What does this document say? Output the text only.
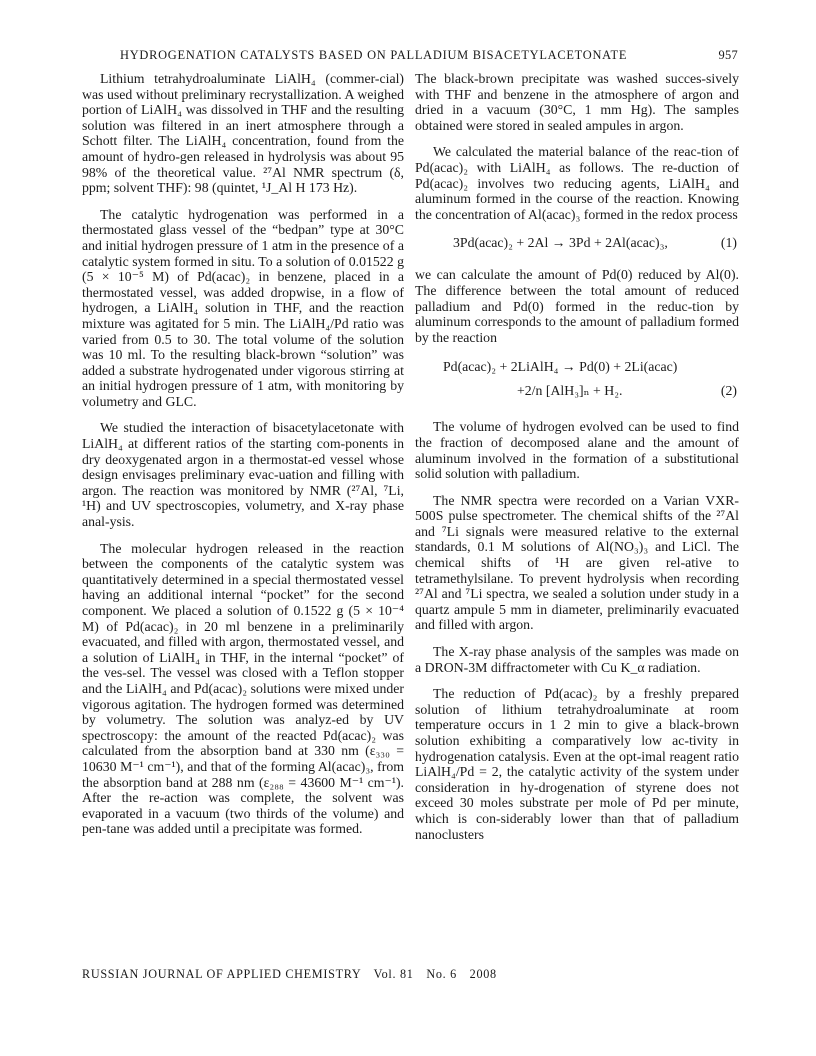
HYDROGENATION CATALYSTS BASED ON PALLADIUM BISACETYLACETONATE	957

Lithium tetrahydroaluminate LiAlH₄ (commer-cial) was used without preliminary recrystallization. A weighed portion of LiAlH₄ was dissolved in THF and the resulting solution was filtered in an inert atmosphere through a Schott filter. The LiAlH₄ concentration, found from the amount of hydro-gen released in hydrolysis was about 95 98% of the theoretical value. ²⁷Al NMR spectrum (δ, ppm; solvent THF): 98 (quintet, ¹J_Al H 173 Hz).

The catalytic hydrogenation was performed in a thermostated glass vessel of the “bedpan” type at 30°C and initial hydrogen pressure of 1 atm in the presence of a catalytic system formed in situ. To a solution of 0.01522 g (5 × 10⁻⁵ M) of Pd(acac)₂ in benzene, placed in a thermostated vessel, was added dropwise, in a flow of hydrogen, a LiAlH₄ solution in THF, and the reaction mixture was agitated for 5 min. The LiAlH₄/Pd ratio was varied from 0.5 to 30. The total volume of the solution was 10 ml. To the resulting black-brown “solution” was added a substrate hydrogenated under vigorous stirring at an initial hydrogen pressure of 1 atm, with monitoring by volumetry and GLC.

We studied the interaction of bisacetylacetonate with LiAlH₄ at different ratios of the starting com-ponents in dry deoxygenated argon in a thermostat-ed vessel whose design envisages preliminary evac-uation and filling with argon. The reaction was monitored by NMR (²⁷Al, ⁷Li, ¹H) and UV spectroscopies, volumetry, and X-ray phase anal-ysis.

The molecular hydrogen released in the reaction between the components of the catalytic system was quantitatively determined in a special thermostated vessel having an additional internal “pocket” for the second component. We placed a solution of 0.1522 g (5 × 10⁻⁴ M) of Pd(acac)₂ in 20 ml benzene in a preliminarily evacuated, and filled with argon, thermostated vessel, and a solution of LiAlH₄ in THF, in the internal “pocket” of the ves-sel. The vessel was closed with a Teflon stopper and the LiAlH₄ and Pd(acac)₂ solutions were mixed under vigorous agitation. The hydrogen formed was determined by volumetry. The solution was analyz-ed by UV spectroscopy: the amount of the reacted Pd(acac)₂ was calculated from the absorption band at 330 nm (ε₃₃₀ = 10630 M⁻¹ cm⁻¹), and that of the forming Al(acac)₃, from the absorption band at 288 nm (ε₂₈₈ = 43600 M⁻¹ cm⁻¹). After the re-action was complete, the solvent was evaporated in a vacuum (two thirds of the volume) and pen-tane was added until a precipitate was formed.

The black-brown precipitate was washed succes-sively with THF and benzene in the atmosphere of argon and dried in a vacuum (30°C, 1 mm Hg). The samples obtained were stored in sealed ampules in argon.

We calculated the material balance of the reac-tion of Pd(acac)₂ with LiAlH₄ as follows. The re-duction of Pd(acac)₂ involves two reducing agents, LiAlH₄ and aluminum formed in the course of the reaction. Knowing the concentration of Al(acac)₃ formed in the redox process

3Pd(acac)₂ + 2Al → 3Pd + 2Al(acac)₃,	(1)

we can calculate the amount of Pd(0) reduced by Al(0). The difference between the total amount of reduced palladium and Pd(0) formed in the reduc-tion by aluminum corresponds to the amount of palladium formed by the reaction

Pd(acac)₂ + 2LiAlH₄ → Pd(0) + 2Li(acac)
+2/n [AlH₃]ₙ + H₂.	(2)

The volume of hydrogen evolved can be used to find the fraction of decomposed alane and the amount of aluminum involved in the formation of a substitutional solid solution with palladium.

The NMR spectra were recorded on a Varian VXR-500S pulse spectrometer. The chemical shifts of the ²⁷Al and ⁷Li signals were measured relative to the external standards, 0.1 M solutions of Al(NO₃)₃ and LiCl. The chemical shifts of ¹H are given rel-ative to tetramethylsilane. To prevent hydrolysis when recording ²⁷Al and ⁷Li spectra, we sealed a solution under study in a quartz ampule 5 mm in diameter, preliminarily evacuated and filled with argon.

The X-ray phase analysis of the samples was made on a DRON-3M diffractometer with Cu K_α radiation.

The reduction of Pd(acac)₂ by a freshly prepared solution of lithium tetrahydroaluminate at room temperature occurs in 1 2 min to give a black-brown solution exhibiting a comparatively low ac-tivity in hydrogenation catalysis. Even at the opt-imal reagent ratio LiAlH₄/Pd = 2, the catalytic activity of the system under consideration in hy-drogenation of styrene does not exceed 30 moles substrate per mole of Pd per minute, which is con-siderably lower than that of palladium nanoclusters

RUSSIAN JOURNAL OF APPLIED CHEMISTRY Vol. 81 No. 6 2008
